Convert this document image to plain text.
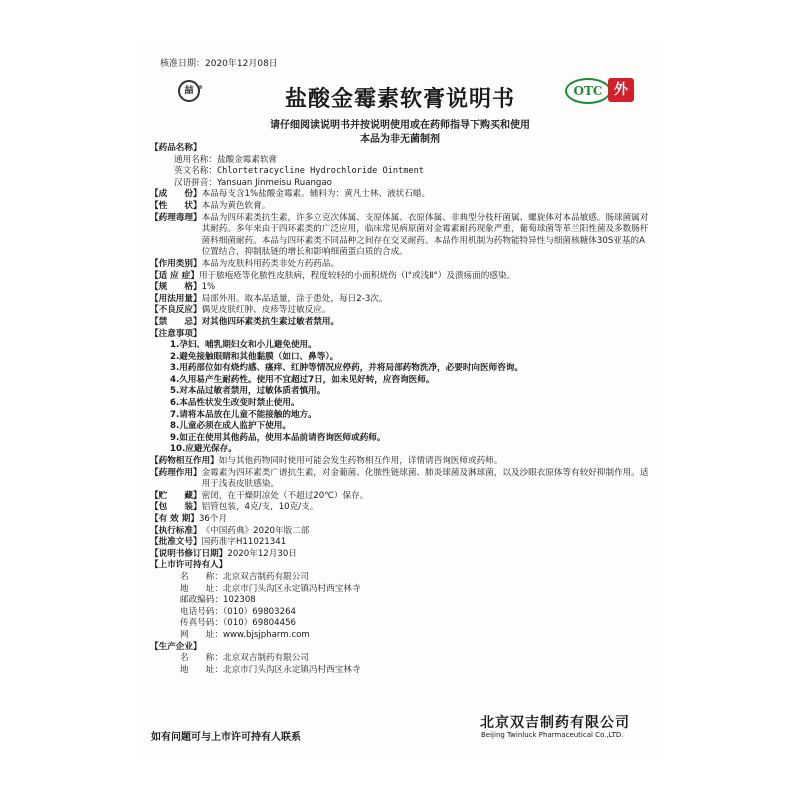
核准日期：2020年12月08日
喆 ®	盐酸金霉素软膏说明书	OTC 外
请仔细阅读说明书并按说明使用或在药师指导下购买和使用
本品为非无菌制剂
【药品名称】
通用名称：盐酸金霉素软膏
英文名称：Chlortetracycline Hydrochloride Ointment
汉语拼音：Yansuan Jinmeisu Ruangao
【成　　份】 本品每支含1%盐酸金霉素。辅料为：黄凡士林、液状石蜡。
【性　　状】 本品为黄色软膏。
【药理毒理】 本品为四环素类抗生素，许多立克次体属、支原体属、衣原体属、非典型分枝杆菌属、螺旋体对本品敏感。肠球菌属对其耐药。多年来由于四环素类的广泛应用，临床常见病原菌对金霉素耐药现象严重，葡萄球菌等革兰阳性菌及多数肠杆菌科细菌耐药。本品与四环素类不同品种之间存在交叉耐药。本品作用机制为药物能特异性与细菌核糖体30S亚基的A位置结合，抑制肽链的增长和影响细菌蛋白质的合成。
【作用类别】 本品为皮肤科用药类非处方药药品。
【适 应 症】 用于脓疱疮等化脓性皮肤病，程度较轻的小面积烧伤（Ⅰ°或浅Ⅱ°）及溃疡面的感染。
【规　　格】 1%
【用法用量】 局部外用。取本品适量，涂于患处，每日2-3次。
【不良反应】 偶见皮肤红肿、皮疹等过敏反应。
【禁　　忌】 对其他四环素类抗生素过敏者禁用。
【注意事项】
1.孕妇、哺乳期妇女和小儿避免使用。
2.避免接触眼睛和其他黏膜（如口、鼻等）。
3.用药部位如有烧灼感、瘙痒、红肿等情况应停药，并将局部药物洗净，必要时向医师咨询。
4.久用易产生耐药性。使用不宜超过7日，如未见好转，应咨询医师。
5.对本品过敏者禁用，过敏体质者慎用。
6.本品性状发生改变时禁止使用。
7.请将本品放在儿童不能接触的地方。
8.儿童必须在成人监护下使用。
9.如正在使用其他药品，使用本品前请咨询医师或药师。
10.应避光保存。
【药物相互作用】 如与其他药物同时使用可能会发生药物相互作用，详情请咨询医师或药师。
【药理作用】 金霉素为四环素类广谱抗生素，对金葡菌、化脓性链球菌、肺炎球菌及淋球菌，以及沙眼衣原体等有较好抑制作用。适用于浅表皮肤感染。
【贮　　藏】 密闭，在干燥阴凉处（不超过20℃）保存。
【包　　装】 铝管包装，4克/支，10克/支。
【有 效 期】 36个月
【执行标准】 《中国药典》2020年版二部
【批准文号】 国药准字H11021341
【说明书修订日期】 2020年12月30日
【上市许可持有人】
名　　称：北京双吉制药有限公司
地　　址：北京市门头沟区永定镇冯村西宝林寺
邮政编码：102308
电话号码：（010）69803264
传真号码：（010）69804456
网　　址：www.bjsjpharm.com
【生产企业】
名　　称：北京双吉制药有限公司
地　　址：北京市门头沟区永定镇冯村西宝林寺
北京双吉制药有限公司
Beijing Twinluck Pharmaceutical Co.,LTD.
如有问题可与上市许可持有人联系
